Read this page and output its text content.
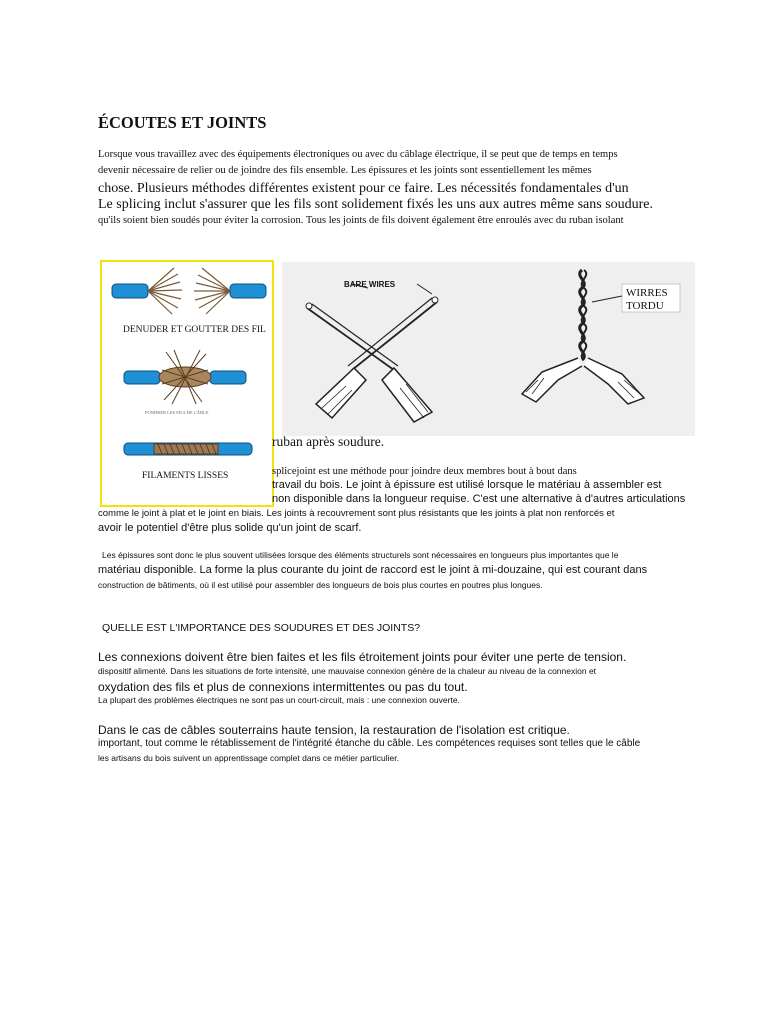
ÉCOUTES ET JOINTS
Lorsque vous travaillez avec des équipements électroniques ou avec du câblage électrique, il se peut que de temps en temps
devenir nécessaire de relier ou de joindre des fils ensemble. Les épissures et les joints sont essentiellement les mêmes
chose. Plusieurs méthodes différentes existent pour ce faire. Les nécessités fondamentales d'un
Le splicing inclut s'assurer que les fils sont solidement fixés les uns aux autres même sans soudure.
qu'ils soient bien soudés pour éviter la corrosion. Tous les joints de fils doivent également être enroulés avec du ruban isolant
DENUDER ET GOUTTER DES FIL
PONDRER LES FILS DE CÂBLE
FILAMENTS LISSES
BARE WIRES
WIRRES
TORDU
ruban après soudure.
splicejoint est une méthode pour joindre deux membres bout à bout dans
travail du bois. Le joint à épissure est utilisé lorsque le matériau à assembler est
non disponible dans la longueur requise. C'est une alternative à d'autres articulations
comme le joint à plat et le joint en biais. Les joints à recouvrement sont plus résistants que les joints à plat non renforcés et
avoir le potentiel d'être plus solide qu'un joint de scarf.
Les épissures sont donc le plus souvent utilisées lorsque des éléments structurels sont nécessaires en longueurs plus importantes que le
matériau disponible. La forme la plus courante du joint de raccord est le joint à mi-douzaine, qui est courant dans
construction de bâtiments, où il est utilisé pour assembler des longueurs de bois plus courtes en poutres plus longues.
QUELLE EST L'IMPORTANCE DES SOUDURES ET DES JOINTS?
Les connexions doivent être bien faites et les fils étroitement joints pour éviter une perte de tension.
dispositif alimenté. Dans les situations de forte intensité, une mauvaise connexion génère de la chaleur au niveau de la connexion et
oxydation des fils et plus de connexions intermittentes ou pas du tout.
La plupart des problèmes électriques ne sont pas un court-circuit, mais : une connexion ouverte.
Dans le cas de câbles souterrains haute tension, la restauration de l'isolation est critique.
important, tout comme le rétablissement de l'intégrité étanche du câble. Les compétences requises sont telles que le câble
les artisans du bois suivent un apprentissage complet dans ce métier particulier.
